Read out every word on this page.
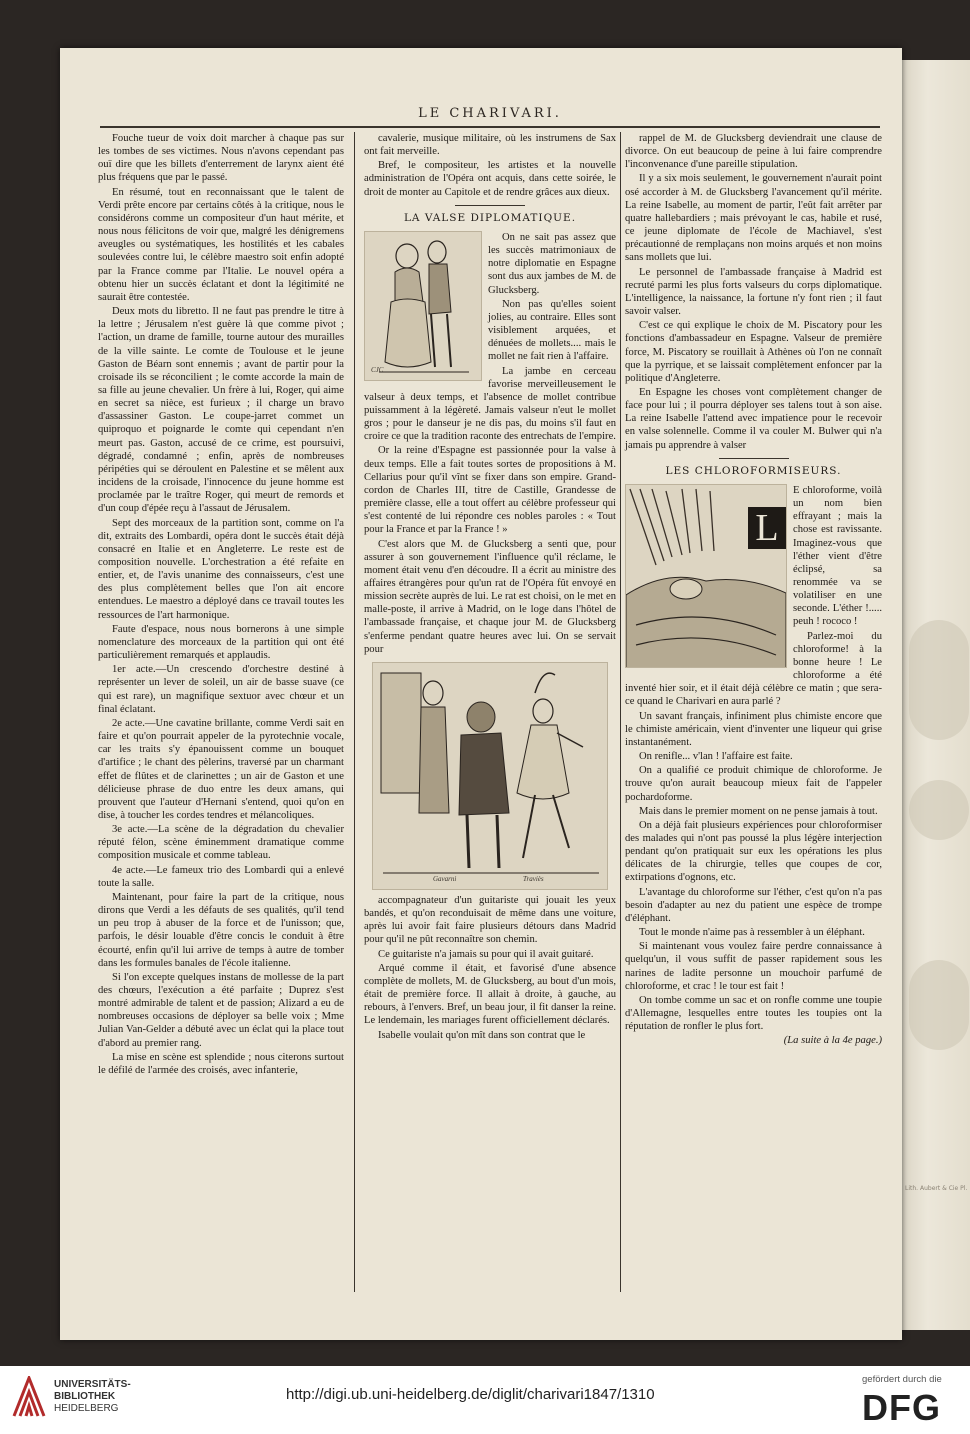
Lith. Aubert & Cie Pl.
LE CHARIVARI.

Fouche tueur de voix doit marcher à chaque pas sur les tombes de ses victimes. Nous n'avons cependant pas ouï dire que les billets d'enterrement de larynx aient été plus fréquens que par le passé.

En résumé, tout en reconnaissant que le talent de Verdi prête encore par certains côtés à la critique, nous le considérons comme un compositeur d'un haut mérite, et nous nous félicitons de voir que, malgré les dénigremens aveugles ou systématiques, les hostilités et les cabales soulevées contre lui, le célèbre maestro soit enfin adopté par la France comme par l'Italie. Le nouvel opéra a obtenu hier un succès éclatant et dont la légitimité ne saurait être contestée.

Deux mots du libretto. Il ne faut pas prendre le titre à la lettre ; Jérusalem n'est guère là que comme pivot ; l'action, un drame de famille, tourne autour des murailles de la ville sainte. Le comte de Toulouse et le jeune Gaston de Béarn sont ennemis ; avant de partir pour la croisade ils se réconcilient ; le comte accorde la main de sa fille au jeune chevalier. Un frère à lui, Roger, qui aime en secret sa nièce, est furieux ; il charge un bravo d'assassiner Gaston. Le coupe-jarret commet un quiproquo et poignarde le comte qui cependant n'en meurt pas. Gaston, accusé de ce crime, est poursuivi, dégradé, condamné ; enfin, après de nombreuses péripéties qui se déroulent en Palestine et se mêlent aux incidens de la croisade, l'innocence du jeune homme est proclamée par le traître Roger, qui meurt de remords et d'un coup d'épée reçu à l'assaut de Jérusalem.

Sept des morceaux de la partition sont, comme on l'a dit, extraits des Lombardi, opéra dont le succès était déjà consacré en Italie et en Angleterre. Le reste est de composition nouvelle. L'orchestration a été refaite en entier, et, de l'avis unanime des connaisseurs, c'est une des plus complètement belles que l'on ait encore entendues. Le maestro a déployé dans ce travail toutes les ressources de l'art harmonique.

Faute d'espace, nous nous bornerons à une simple nomenclature des morceaux de la partition qui ont été particulièrement remarqués et applaudis.

1er acte.—Un crescendo d'orchestre destiné à représenter un lever de soleil, un air de basse suave (ce qui est rare), un magnifique sextuor avec chœur et un final éclatant.

2e acte.—Une cavatine brillante, comme Verdi sait en faire et qu'on pourrait appeler de la pyrotechnie vocale, car les traits s'y épanouissent comme un bouquet d'artifice ; le chant des pèlerins, traversé par un charmant effet de flûtes et de clarinettes ; un air de Gaston et une délicieuse phrase de duo entre les deux amans, qui prouvent que l'auteur d'Hernani s'entend, quoi qu'on en dise, à toucher les cordes tendres et mélancoliques.

3e acte.—La scène de la dégradation du chevalier réputé félon, scène éminemment dramatique comme composition musicale et comme tableau.

4e acte.—Le fameux trio des Lombardi qui a enlevé toute la salle.

Maintenant, pour faire la part de la critique, nous dirons que Verdi a les défauts de ses qualités, qu'il tend un peu trop à abuser de la force et de l'unisson; que, parfois, le désir louable d'être concis le conduit à être écourté, enfin qu'il lui arrive de temps à autre de tomber dans les formules banales de l'école italienne.

Si l'on excepte quelques instans de mollesse de la part des chœurs, l'exécution a été parfaite ; Duprez s'est montré admirable de talent et de passion; Alizard a eu de nombreuses occasions de déployer sa belle voix ; Mme Julian Van-Gelder a débuté avec un éclat qui la place tout d'abord au premier rang.

La mise en scène est splendide ; nous citerons surtout le défilé de l'armée des croisés, avec infanterie,

cavalerie, musique militaire, où les instrumens de Sax ont fait merveille.

Bref, le compositeur, les artistes et la nouvelle administration de l'Opéra ont acquis, dans cette soirée, le droit de monter au Capitole et de rendre grâces aux dieux.

LA VALSE DIPLOMATIQUE.
CJC

On ne sait pas assez que les succès matrimoniaux de notre diplomatie en Espagne sont dus aux jambes de M. de Glucksberg.

Non pas qu'elles soient jolies, au contraire. Elles sont visiblement arquées, et dénuées de mollets.... mais le mollet ne fait rien à l'affaire.

La jambe en cerceau favorise merveilleusement le valseur à deux temps, et l'absence de mollet contribue puissamment à la légèreté. Jamais valseur n'eut le mollet gros ; pour le danseur je ne dis pas, du moins s'il faut en croire ce que la tradition raconte des entrechats de l'empire.

Or la reine d'Espagne est passionnée pour la valse à deux temps. Elle a fait toutes sortes de propositions à M. Cellarius pour qu'il vînt se fixer dans son empire. Grand-cordon de Charles III, titre de Castille, Grandesse de première classe, elle a tout offert au célèbre professeur qui s'est contenté de lui répondre ces nobles paroles : « Tout pour la France et par la France ! »

C'est alors que M. de Glucksberg a senti que, pour assurer à son gouvernement l'influence qu'il réclame, le moment était venu d'en découdre. Il a écrit au ministre des affaires étrangères pour qu'un rat de l'Opéra fût envoyé en mission secrète auprès de lui. Le rat est choisi, on le met en malle-poste, il arrive à Madrid, on le loge dans l'hôtel de l'ambassade française, et chaque jour M. de Glucksberg s'enferme pendant quatre heures avec lui. On se servait pour

Gavarni	Traviès

accompagnateur d'un guitariste qui jouait les yeux bandés, et qu'on reconduisait de même dans une voiture, après lui avoir fait faire plusieurs détours dans Madrid pour qu'il ne pût reconnaître son chemin.

Ce guitariste n'a jamais su pour qui il avait guitaré.

Arqué comme il était, et favorisé d'une absence complète de mollets, M. de Glucksberg, au bout d'un mois, était de première force. Il allait à droite, à gauche, au rebours, à l'envers. Bref, un beau jour, il fit danser la reine. Le lendemain, les mariages furent officiellement déclarés.

Isabelle voulait qu'on mît dans son contrat que le

rappel de M. de Glucksberg deviendrait une clause de divorce. On eut beaucoup de peine à lui faire comprendre l'inconvenance d'une pareille stipulation.

Il y a six mois seulement, le gouvernement n'aurait point osé accorder à M. de Glucksberg l'avancement qu'il mérite. La reine Isabelle, au moment de partir, l'eût fait arrêter par quatre hallebardiers ; mais prévoyant le cas, habile et rusé, ce jeune diplomate de l'école de Machiavel, s'est précautionné de remplaçans non moins arqués et non moins sans mollets que lui.

Le personnel de l'ambassade française à Madrid est recruté parmi les plus forts valseurs du corps diplomatique. L'intelligence, la naissance, la fortune n'y font rien ; il faut savoir valser.

C'est ce qui explique le choix de M. Piscatory pour les fonctions d'ambassadeur en Espagne. Valseur de première force, M. Piscatory se rouillait à Athènes où l'on ne connaît que la pyrrique, et se laissait complètement enfoncer par la politique d'Angleterre.

En Espagne les choses vont complètement changer de face pour lui ; il pourra déployer ses talens tout à son aise. La reine Isabelle l'attend avec impatience pour le recevoir en valse solennelle. Comme il va couler M. Bulwer qui n'a jamais pu apprendre à valser

LES CHLOROFORMISEURS.
L

E chloroforme, voilà un nom bien effrayant ; mais la chose est ravissante. Imaginez-vous que l'éther vient d'être éclipsé, sa renommée va se volatiliser en une seconde. L'éther !..... peuh ! rococo !

Parlez-moi du chloroforme! à la bonne heure ! Le chloroforme a été inventé hier soir, et il était déjà célèbre ce matin ; que sera-ce quand le Charivari en aura parlé ?

Un savant français, infiniment plus chimiste encore que le chimiste américain, vient d'inventer une liqueur qui grise instantanément.

On renifle... v'lan ! l'affaire est faite.

On a qualifié ce produit chimique de chloroforme. Je trouve qu'on aurait beaucoup mieux fait de l'appeler pochardoforme.

Mais dans le premier moment on ne pense jamais à tout.

On a déjà fait plusieurs expériences pour chloroformiser des malades qui n'ont pas poussé la plus légère interjection pendant qu'on pratiquait sur eux les opérations les plus délicates de la chirurgie, telles que coupes de cor, extirpations d'ognons, etc.

L'avantage du chloroforme sur l'éther, c'est qu'on n'a pas besoin d'adapter au nez du patient une espèce de trompe d'éléphant.

Tout le monde n'aime pas à ressembler à un éléphant.

Si maintenant vous voulez faire perdre connaissance à quelqu'un, il vous suffit de passer rapidement sous les narines de ladite personne un mouchoir parfumé de chloroforme, et crac ! le tour est fait !

On tombe comme un sac et on ronfle comme une toupie d'Allemagne, lesquelles entre toutes les toupies ont la réputation de ronfler le plus fort.

(La suite à la 4e page.)

UNIVERSITÄTS-
BIBLIOTHEK
HEIDELBERG
http://digi.ub.uni-heidelberg.de/diglit/charivari1847/1310
gefördert durch die
DFG
